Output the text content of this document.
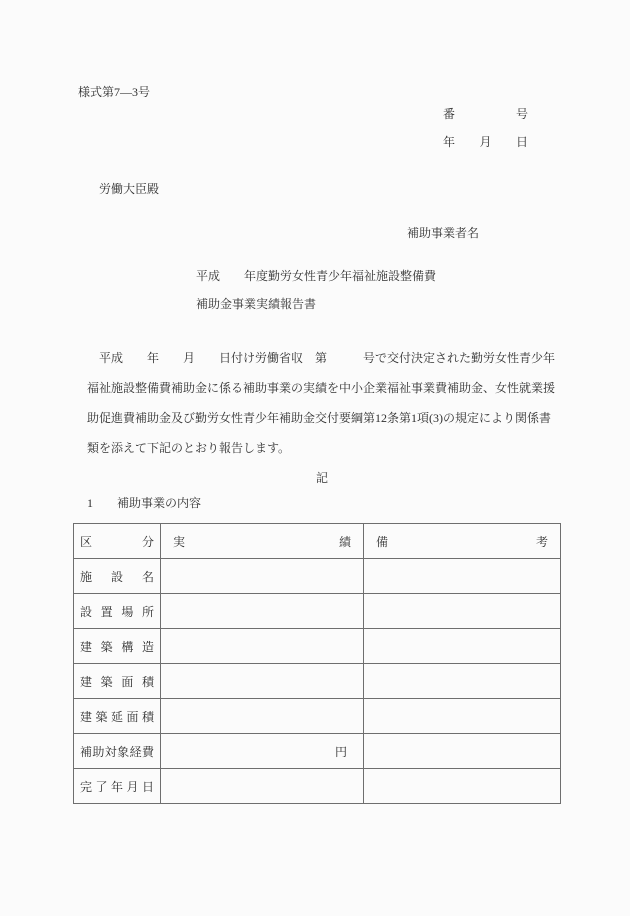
様式第7—3号
番	号
年 月 日
労働大臣殿
補助事業者名
平成　　年度勤労女性青少年福祉施設整備費
補助金事業実績報告書
平成　　年　　月　　日付け労働省収　第　　　号で交付決定された勤労女性青少年
福祉施設整備費補助金に係る補助事業の実績を中小企業福祉事業費補助金、女性就業援
助促進費補助金及び勤労女性青少年補助金交付要綱第12条第1項(3)の規定により関係書
類を添えて下記のとおり報告します。
記
1　　補助事業の内容
区 分	実 績	備 考

施 設 名		

設 置 場 所		

建 築 構 造		

建 築 面 積		

建 築 延 面 積		

補 助 対 象 経 費	円	

完 了 年 月 日		
